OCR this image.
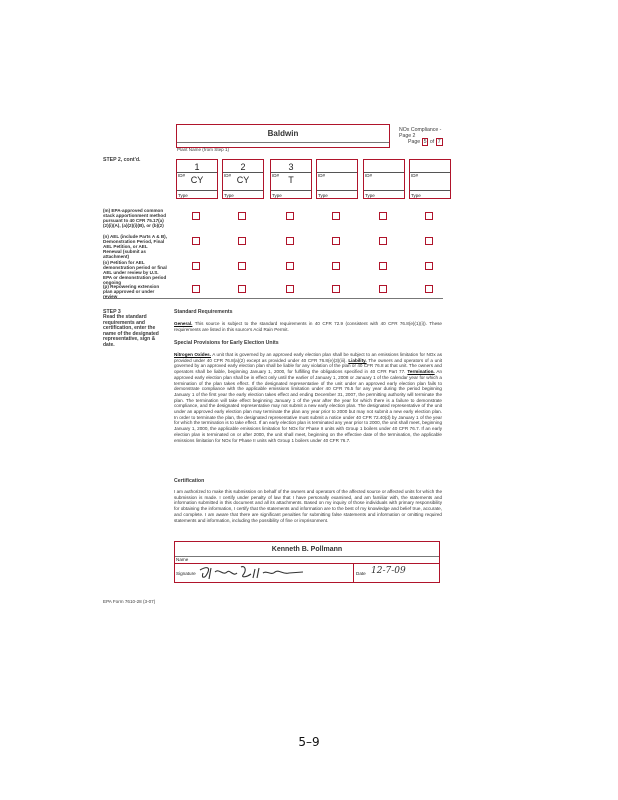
Baldwin
Plant Name (from Step 1)
NOx Compliance - Page 2
Page 5 of 7
STEP 2, cont'd.
1
ID# CY
Type
2
ID# CY
Type
3
ID#	T
Type
ID#
Type
ID#
Type
ID#
Type
(m) EPA-approved common stack apportionment method pursuant to 40 CFR 75.17(a)(2)(i)(A), (a)(2)(i)(B), or (b)(2)
(n) AEL (include Parts A & B), Demonstration Period, Final AEL Petition, or AEL Renewal (submit as attachment)
(o) Petition for AEL demonstration period or final AEL under review by U.S. EPA or demonstration period ongoing
(p) Repowering extension plan approved or under review
STEP 3
Read the standard requirements and certification, enter the name of the designated representative, sign & date.
Standard Requirements
General. This source is subject to the standard requirements in 40 CFR 72.9 (consistent with 40 CFR 76.8(e)(1)(i)). These requirements are listed in this source's Acid Rain Permit.
Special Provisions for Early Election Units
Nitrogen Oxides. A unit that is governed by an approved early election plan shall be subject to an emissions limitation for NOx as provided under 40 CFR 76.8(a)(2) except as provided under 40 CFR 76.8(e)(3)(iii). Liability. The owners and operators of a unit governed by an approved early election plan shall be liable for any violation of the plan or 40 CFR 76.8 at that unit. The owners and operators shall be liable, beginning January 1, 2000, for fulfilling the obligations specified in 40 CFR Part 77. Termination. An approved early election plan shall be in effect only until the earlier of January 1, 2008 or January 1 of the calendar year for which a termination of the plan takes effect. If the designated representative of the unit under an approved early election plan fails to demonstrate compliance with the applicable emissions limitation under 40 CFR 76.5 for any year during the period beginning January 1 of the first year the early election takes effect and ending December 31, 2007, the permitting authority will terminate the plan. The termination will take effect beginning January 1 of the year after the year for which there is a failure to demonstrate compliance, and the designated representative may not submit a new early election plan. The designated representative of the unit under an approved early election plan may terminate the plan any year prior to 2000 but may not submit a new early election plan. In order to terminate the plan, the designated representative must submit a notice under 40 CFR 72.40(d) by January 1 of the year for which the termination is to take effect. If an early election plan is terminated any year prior to 2000, the unit shall meet, beginning January 1, 2000, the applicable emissions limitation for NOx for Phase II units with Group 1 boilers under 40 CFR 76.7. If an early election plan is terminated on or after 2000, the unit shall meet, beginning on the effective date of the termination, the applicable emissions limitation for NOx for Phase II units with Group 1 boilers under 40 CFR 76.7.
Certification
I am authorized to make this submission on behalf of the owners and operators of the affected source or affected units for which the submission is made. I certify under penalty of law that I have personally examined, and am familiar with, the statements and information submitted in this document and all its attachments. Based on my inquiry of those individuals with primary responsibility for obtaining the information, I certify that the statements and information are to the best of my knowledge and belief true, accurate, and complete. I am aware that there are significant penalties for submitting false statements and information or omitting required statements and information, including the possibility of fine or imprisonment.
Kenneth B. Pollmann
Name
Signature	Date 12-7-09
EPA Form 7610-28 (3-07)
5–9
